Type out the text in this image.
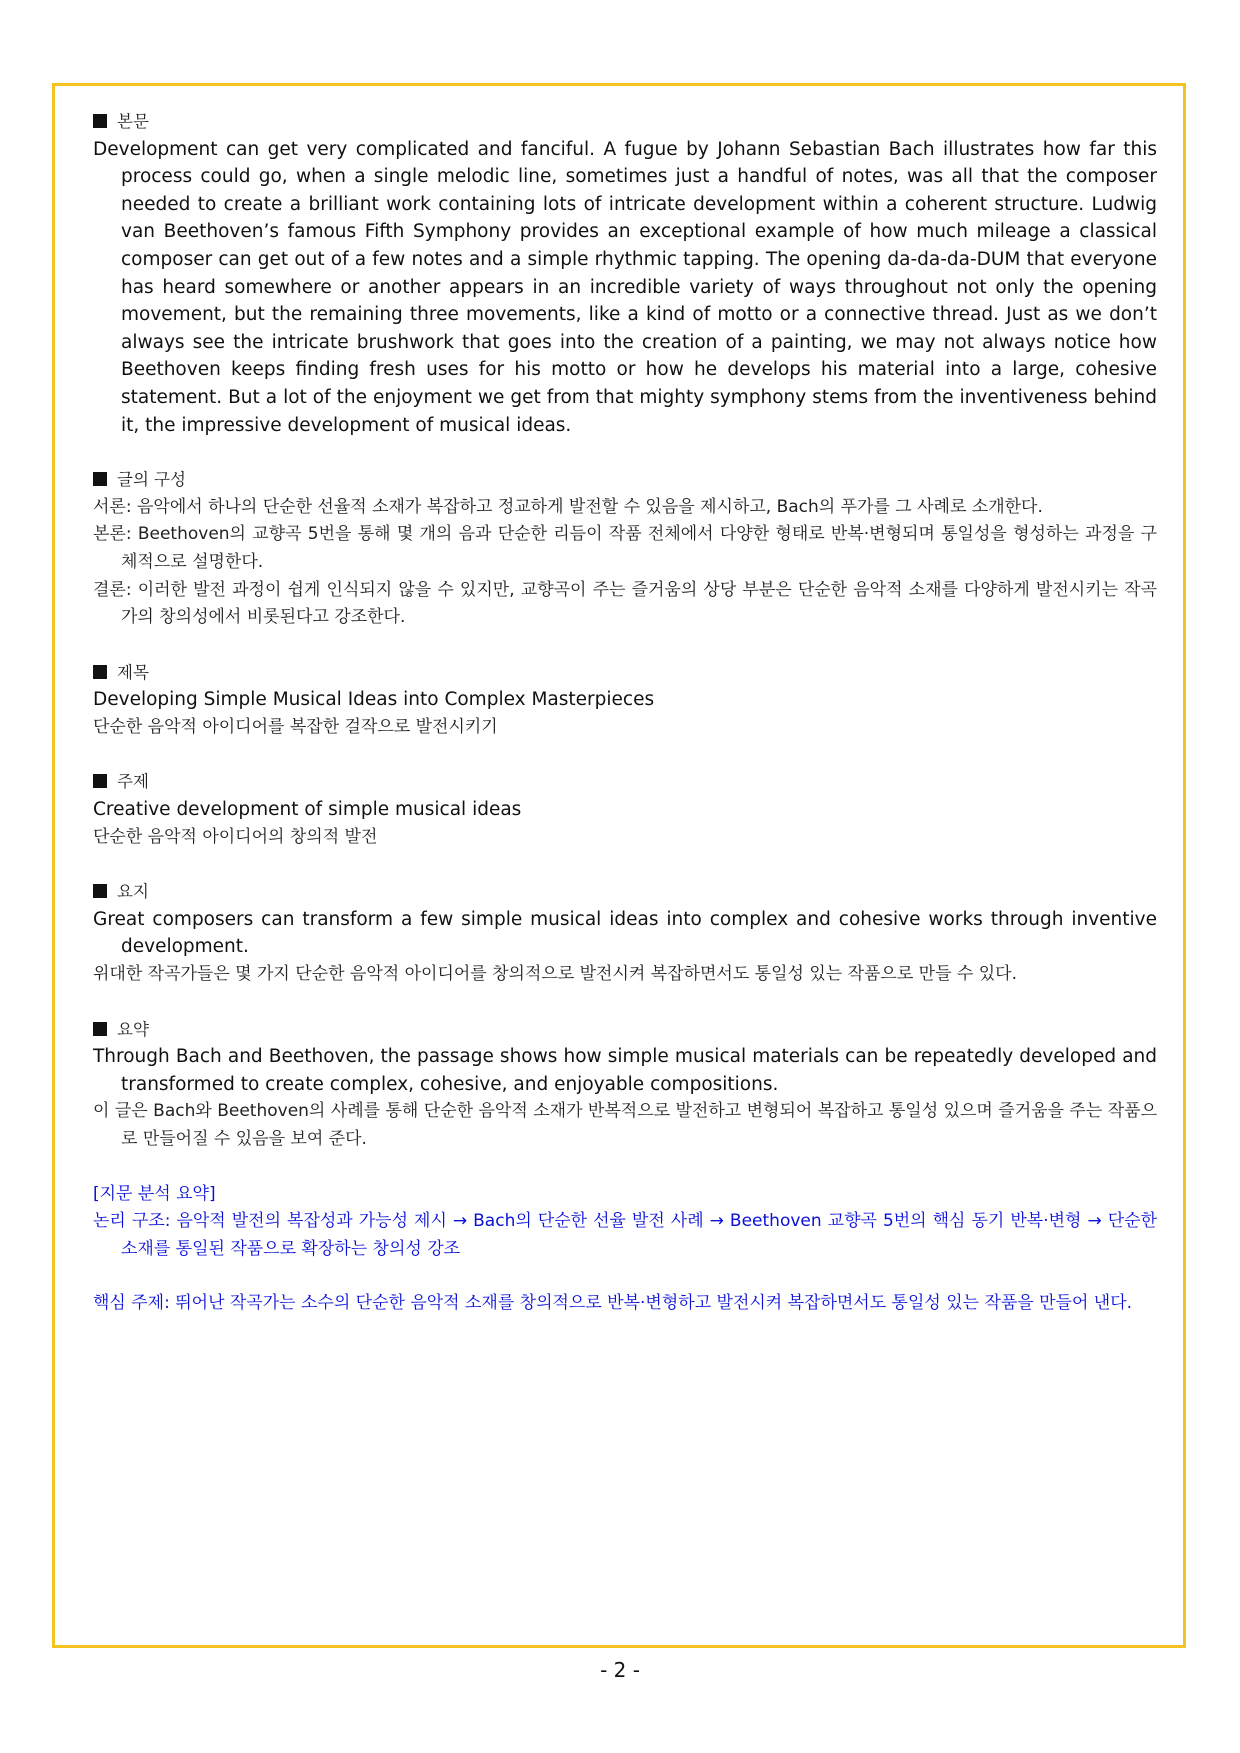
본문

Development can get very complicated and fanciful. A fugue by Johann Sebastian Bach illustrates how far this process could go, when a single melodic line, sometimes just a handful of notes, was all that the composer needed to create a brilliant work containing lots of intricate development within a coherent structure. Ludwig van Beethoven’s famous Fifth Symphony provides an exceptional example of how much mileage a classical composer can get out of a few notes and a simple rhythmic tapping. The opening da-da-da-DUM that everyone has heard somewhere or another appears in an incredible variety of ways throughout not only the opening movement, but the remaining three movements, like a kind of motto or a connective thread. Just as we don’t always see the intricate brushwork that goes into the creation of a painting, we may not always notice how Beethoven keeps finding fresh uses for his motto or how he develops his material into a large, cohesive statement. But a lot of the enjoyment we get from that mighty symphony stems from the inventiveness behind it, the impressive development of musical ideas.

글의 구성

서론: 음악에서 하나의 단순한 선율적 소재가 복잡하고 정교하게 발전할 수 있음을 제시하고, Bach의 푸가를 그 사례로 소개한다.

본론: Beethoven의 교향곡 5번을 통해 몇 개의 음과 단순한 리듬이 작품 전체에서 다양한 형태로 반복·변형되며 통일성을 형성하는 과정을 구체적으로 설명한다.

결론: 이러한 발전 과정이 쉽게 인식되지 않을 수 있지만, 교향곡이 주는 즐거움의 상당 부분은 단순한 음악적 소재를 다양하게 발전시키는 작곡가의 창의성에서 비롯된다고 강조한다.

제목

Developing Simple Musical Ideas into Complex Masterpieces

단순한 음악적 아이디어를 복잡한 걸작으로 발전시키기

주제

Creative development of simple musical ideas

단순한 음악적 아이디어의 창의적 발전

요지

Great composers can transform a few simple musical ideas into complex and cohesive works through inventive development.

위대한 작곡가들은 몇 가지 단순한 음악적 아이디어를 창의적으로 발전시켜 복잡하면서도 통일성 있는 작품으로 만들 수 있다.

요약

Through Bach and Beethoven, the passage shows how simple musical materials can be repeatedly developed and transformed to create complex, cohesive, and enjoyable compositions.

이 글은 Bach와 Beethoven의 사례를 통해 단순한 음악적 소재가 반복적으로 발전하고 변형되어 복잡하고 통일성 있으며 즐거움을 주는 작품으로 만들어질 수 있음을 보여 준다.

[지문 분석 요약]

논리 구조: 음악적 발전의 복잡성과 가능성 제시 → Bach의 단순한 선율 발전 사례 → Beethoven 교향곡 5번의 핵심 동기 반복·변형 → 단순한 소재를 통일된 작품으로 확장하는 창의성 강조

핵심 주제: 뛰어난 작곡가는 소수의 단순한 음악적 소재를 창의적으로 반복·변형하고 발전시켜 복잡하면서도 통일성 있는 작품을 만들어 낸다.

- 2 -
